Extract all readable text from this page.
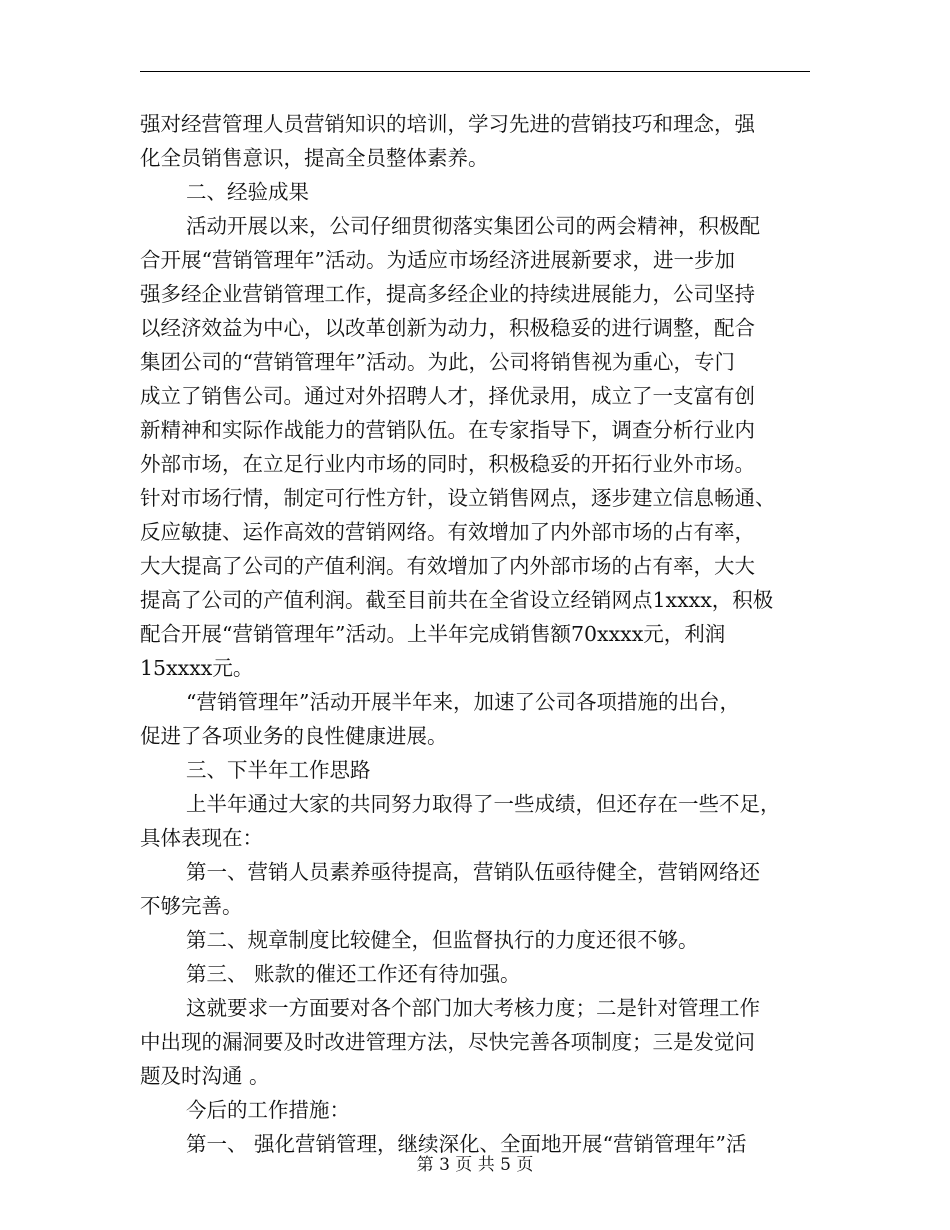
强对经营管理人员营销知识的培训，学习先进的营销技巧和理念，强
化全员销售意识，提高全员整体素养。
二、经验成果
活动开展以来，公司仔细贯彻落实集团公司的两会精神，积极配
合开展“营销管理年”活动。为适应市场经济进展新要求，进一步加
强多经企业营销管理工作，提高多经企业的持续进展能力，公司坚持
以经济效益为中心，以改革创新为动力，积极稳妥的进行调整，配合
集团公司的“营销管理年”活动。为此，公司将销售视为重心，专门
成立了销售公司。通过对外招聘人才，择优录用，成立了一支富有创
新精神和实际作战能力的营销队伍。在专家指导下，调查分析行业内
外部市场，在立足行业内市场的同时，积极稳妥的开拓行业外市场。
针对市场行情，制定可行性方针，设立销售网点，逐步建立信息畅通、
反应敏捷、运作高效的营销网络。有效增加了内外部市场的占有率，
大大提高了公司的产值利润。有效增加了内外部市场的占有率，大大
提高了公司的产值利润。截至目前共在全省设立经销网点1xxxx，积极
配合开展“营销管理年”活动。上半年完成销售额70xxxx元，利润
15xxxx元。
“营销管理年”活动开展半年来，加速了公司各项措施的出台，
促进了各项业务的良性健康进展。
三、下半年工作思路
上半年通过大家的共同努力取得了一些成绩，但还存在一些不足，
具体表现在：
第一、营销人员素养亟待提高，营销队伍亟待健全，营销网络还
不够完善。
第二、规章制度比较健全，但监督执行的力度还很不够。
第三、 账款的催还工作还有待加强。
这就要求一方面要对各个部门加大考核力度；二是针对管理工作
中出现的漏洞要及时改进管理方法，尽快完善各项制度；三是发觉问
题及时沟通 。
今后的工作措施：
第一、 强化营销管理，继续深化、全面地开展“营销管理年”活
第 3 页 共 5 页
